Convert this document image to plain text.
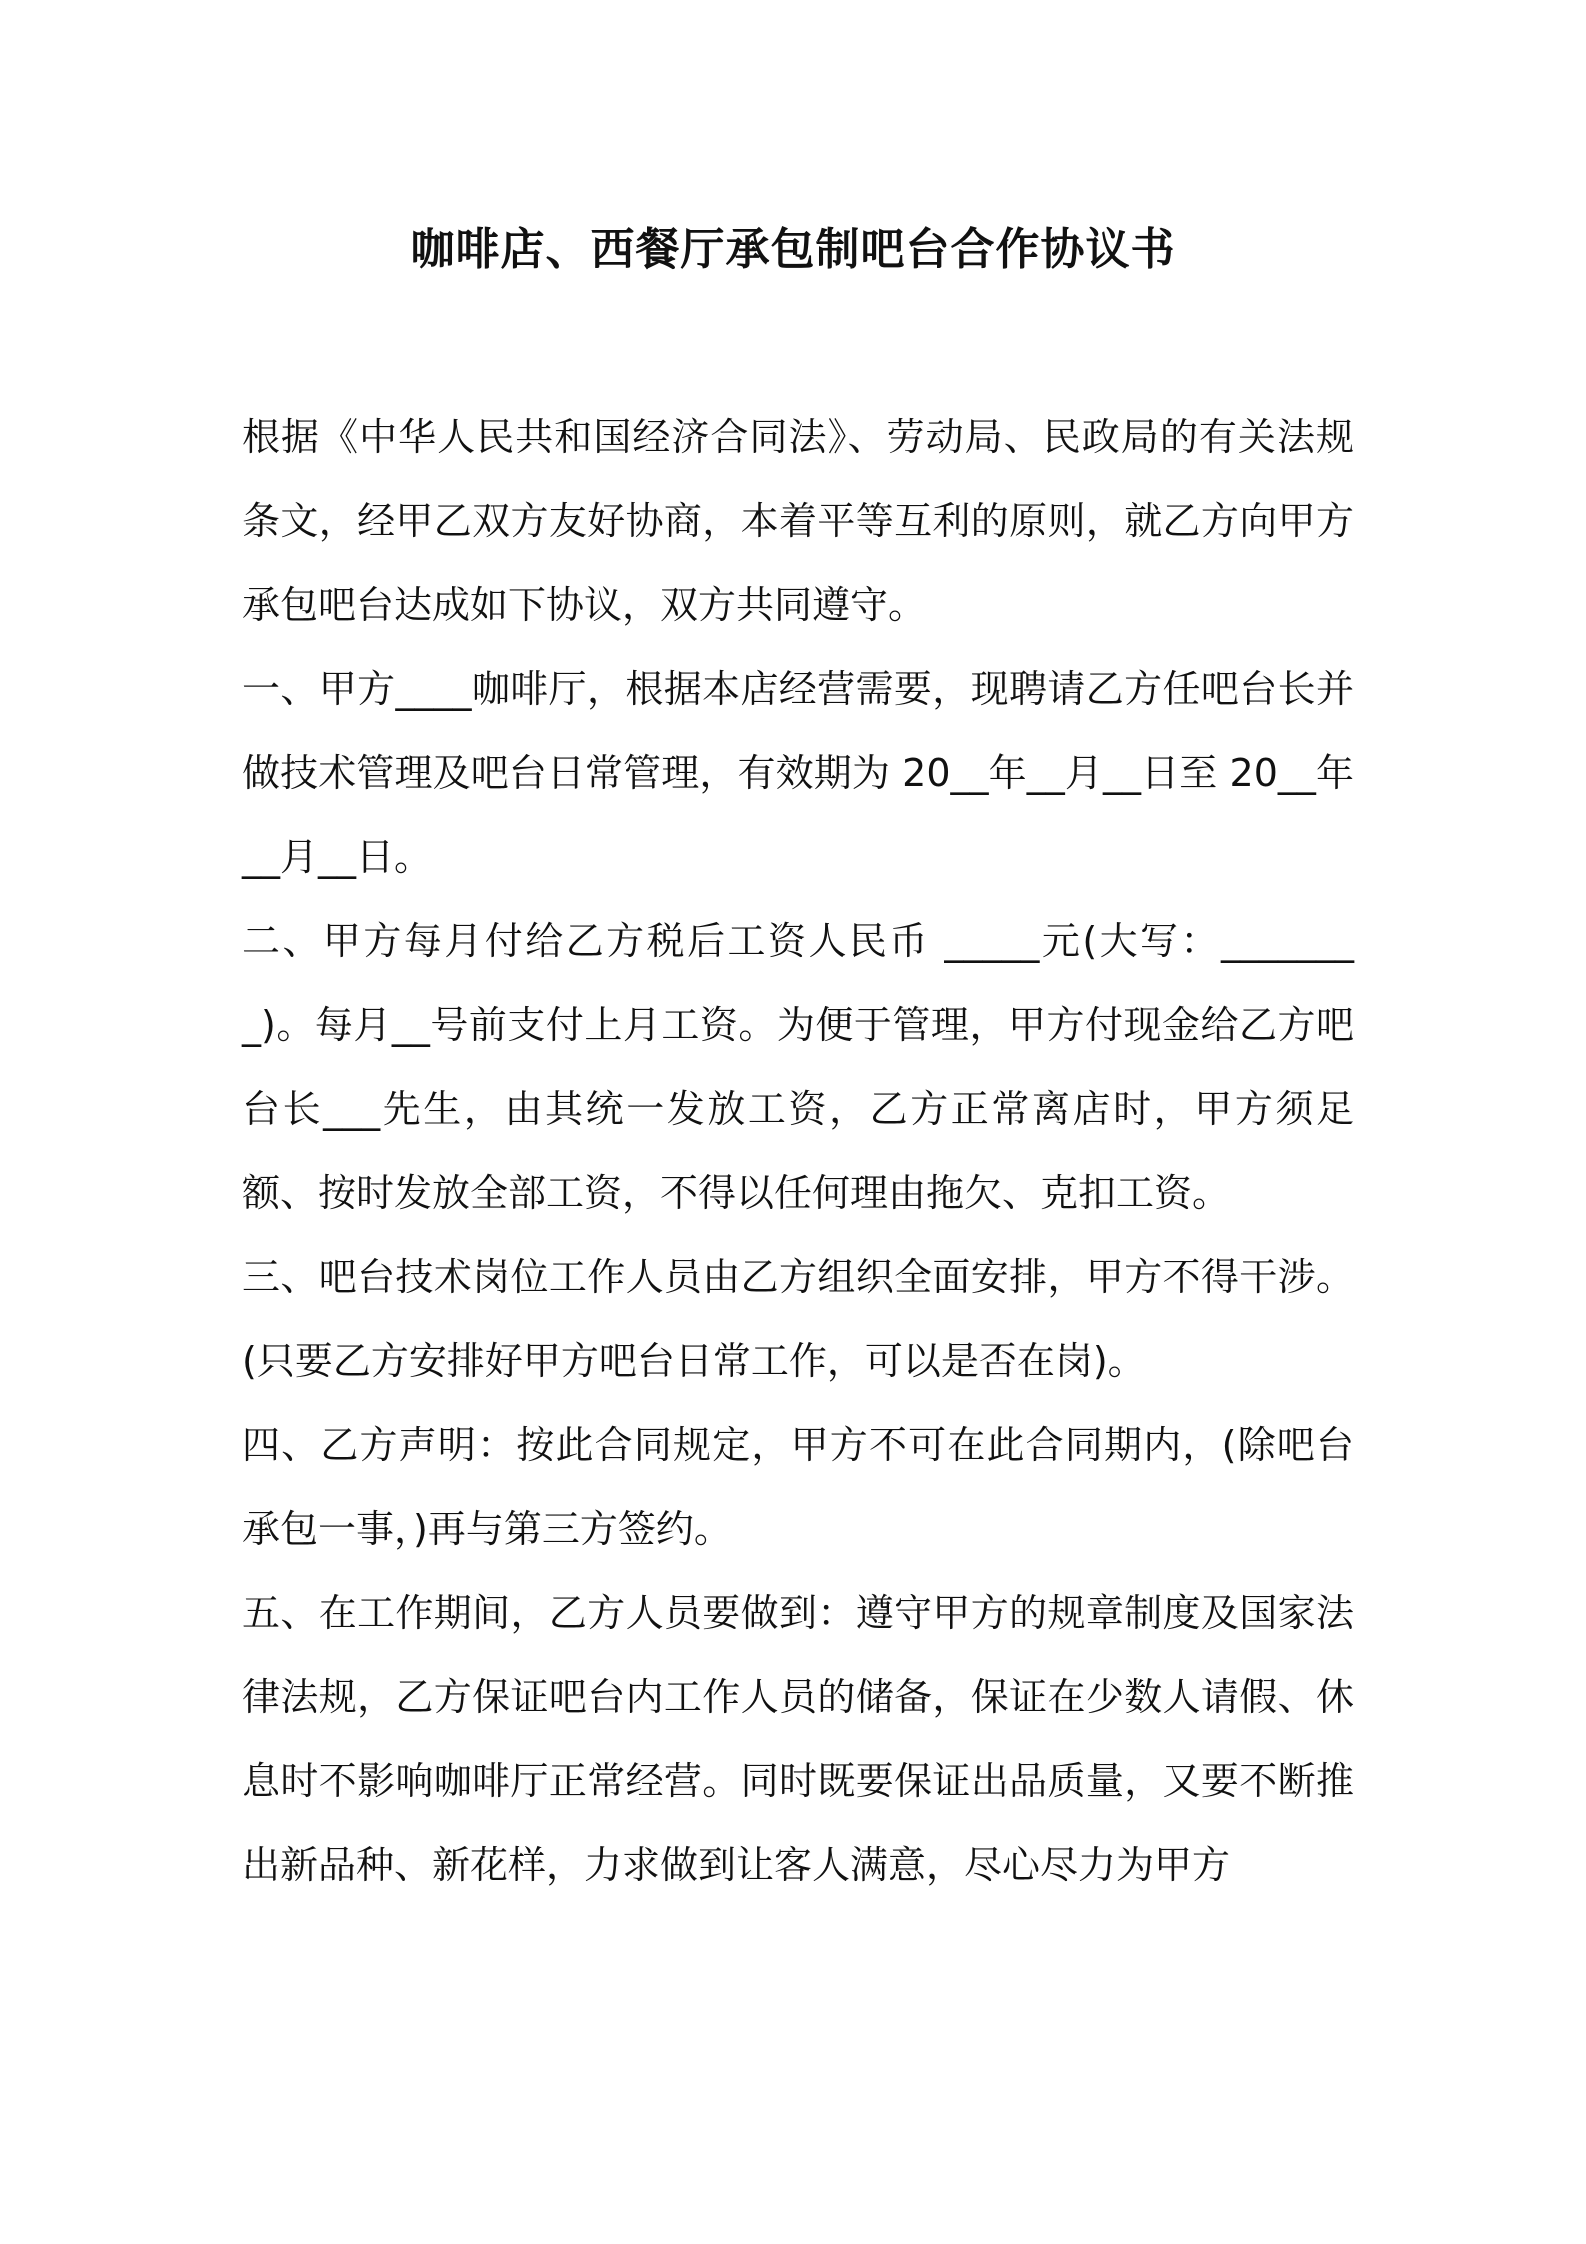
咖啡店、西餐厅承包制吧台合作协议书

根据《中华人民共和国经济合同法》、劳动局、民政局的有关法规条文，经甲乙双方友好协商，本着平等互利的原则，就乙方向甲方承包吧台达成如下协议，双方共同遵守。

一、甲方____咖啡厅，根据本店经营需要，现聘请乙方任吧台长并做技术管理及吧台日常管理，有效期为 20__年__月__日至 20__年__月__日。

二、甲方每月付给乙方税后工资人民币 _____元(大写：________)。每月__号前支付上月工资。为便于管理，甲方付现金给乙方吧台长___先生，由其统一发放工资，乙方正常离店时，甲方须足额、按时发放全部工资，不得以任何理由拖欠、克扣工资。

三、吧台技术岗位工作人员由乙方组织全面安排，甲方不得干涉。(只要乙方安排好甲方吧台日常工作，可以是否在岗)。

四、乙方声明：按此合同规定，甲方不可在此合同期内，(除吧台承包一事，)再与第三方签约。

五、在工作期间，乙方人员要做到：遵守甲方的规章制度及国家法律法规，乙方保证吧台内工作人员的储备，保证在少数人请假、休息时不影响咖啡厅正常经营。同时既要保证出品质量，又要不断推出新品种、新花样，力求做到让客人满意，尽心尽力为甲方
